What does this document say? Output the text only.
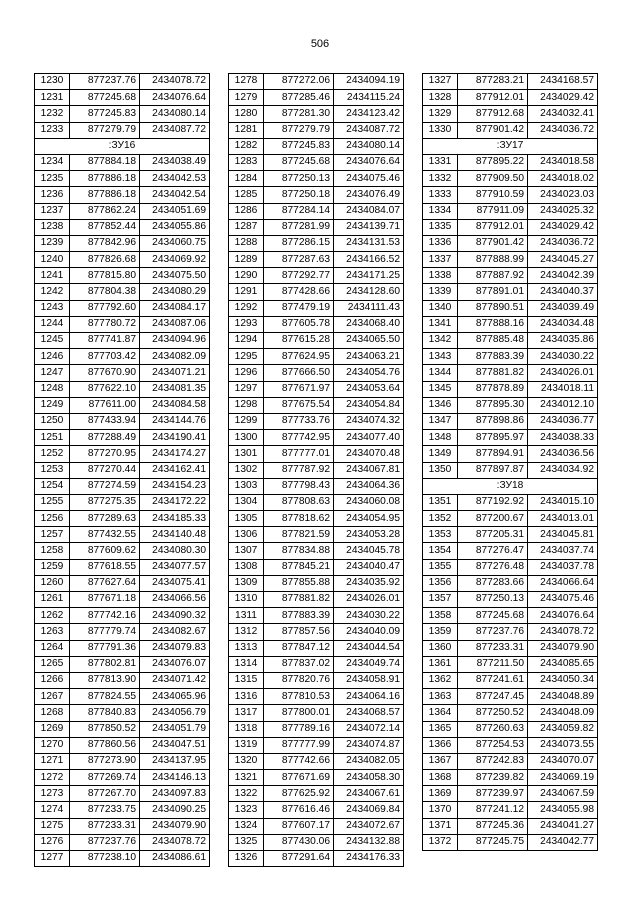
506
1230	877237.76	2434078.72
1231	877245.68	2434076.64
1232	877245.83	2434080.14
1233	877279.79	2434087.72
:ЗУ16		
1234	877884.18	2434038.49
1235	877886.18	2434042.53
1236	877886.18	2434042.54
1237	877862.24	2434051.69
1238	877852.44	2434055.86
1239	877842.96	2434060.75
1240	877826.68	2434069.92
1241	877815.80	2434075.50
1242	877804.38	2434080.29
1243	877792.60	2434084.17
1244	877780.72	2434087.06
1245	877741.87	2434094.96
1246	877703.42	2434082.09
1247	877670.90	2434071.21
1248	877622.10	2434081.35
1249	877611.00	2434084.58
1250	877433.94	2434144.76
1251	877288.49	2434190.41
1252	877270.95	2434174.27
1253	877270.44	2434162.41
1254	877274.59	2434154.23
1255	877275.35	2434172.22
1256	877289.63	2434185.33
1257	877432.55	2434140.48
1258	877609.62	2434080.30
1259	877618.55	2434077.57
1260	877627.64	2434075.41
1261	877671.18	2434066.56
1262	877742.16	2434090.32
1263	877779.74	2434082.67
1264	877791.36	2434079.83
1265	877802.81	2434076.07
1266	877813.90	2434071.42
1267	877824.55	2434065.96
1268	877840.83	2434056.79
1269	877850.52	2434051.79
1270	877860.56	2434047.51
1271	877273.90	2434137.95
1272	877269.74	2434146.13
1273	877267.70	2434097.83
1274	877233.75	2434090.25
1275	877233.31	2434079.90
1276	877237.76	2434078.72
1277	877238.10	2434086.61
1278	877272.06	2434094.19
1279	877285.46	2434115.24
1280	877281.30	2434123.42
1281	877279.79	2434087.72
1282	877245.83	2434080.14
1283	877245.68	2434076.64
1284	877250.13	2434075.46
1285	877250.18	2434076.49
1286	877284.14	2434084.07
1287	877281.99	2434139.71
1288	877286.15	2434131.53
1289	877287.63	2434166.52
1290	877292.77	2434171.25
1291	877428.66	2434128.60
1292	877479.19	2434111.43
1293	877605.78	2434068.40
1294	877615.28	2434065.50
1295	877624.95	2434063.21
1296	877666.50	2434054.76
1297	877671.97	2434053.64
1298	877675.54	2434054.84
1299	877733.76	2434074.32
1300	877742.95	2434077.40
1301	877777.01	2434070.48
1302	877787.92	2434067.81
1303	877798.43	2434064.36
1304	877808.63	2434060.08
1305	877818.62	2434054.95
1306	877821.59	2434053.28
1307	877834.88	2434045.78
1308	877845.21	2434040.47
1309	877855.88	2434035.92
1310	877881.82	2434026.01
1311	877883.39	2434030.22
1312	877857.56	2434040.09
1313	877847.12	2434044.54
1314	877837.02	2434049.74
1315	877820.76	2434058.91
1316	877810.53	2434064.16
1317	877800.01	2434068.57
1318	877789.16	2434072.14
1319	877777.99	2434074.87
1320	877742.66	2434082.05
1321	877671.69	2434058.30
1322	877625.92	2434067.61
1323	877616.46	2434069.84
1324	877607.17	2434072.67
1325	877430.06	2434132.88
1326	877291.64	2434176.33
1327	877283.21	2434168.57
1328	877912.01	2434029.42
1329	877912.68	2434032.41
1330	877901.42	2434036.72
:ЗУ17		
1331	877895.22	2434018.58
1332	877909.50	2434018.02
1333	877910.59	2434023.03
1334	877911.09	2434025.32
1335	877912.01	2434029.42
1336	877901.42	2434036.72
1337	877888.99	2434045.27
1338	877887.92	2434042.39
1339	877891.01	2434040.37
1340	877890.51	2434039.49
1341	877888.16	2434034.48
1342	877885.48	2434035.86
1343	877883.39	2434030.22
1344	877881.82	2434026.01
1345	877878.89	2434018.11
1346	877895.30	2434012.10
1347	877898.86	2434036.77
1348	877895.97	2434038.33
1349	877894.91	2434036.56
1350	877897.87	2434034.92
:ЗУ18		
1351	877192.92	2434015.10
1352	877200.67	2434013.01
1353	877205.31	2434045.81
1354	877276.47	2434037.74
1355	877276.48	2434037.78
1356	877283.66	2434066.64
1357	877250.13	2434075.46
1358	877245.68	2434076.64
1359	877237.76	2434078.72
1360	877233.31	2434079.90
1361	877211.50	2434085.65
1362	877241.61	2434050.34
1363	877247.45	2434048.89
1364	877250.52	2434048.09
1365	877260.63	2434059.82
1366	877254.53	2434073.55
1367	877242.83	2434070.07
1368	877239.82	2434069.19
1369	877239.97	2434067.59
1370	877241.12	2434055.98
1371	877245.36	2434041.27
1372	877245.75	2434042.77
